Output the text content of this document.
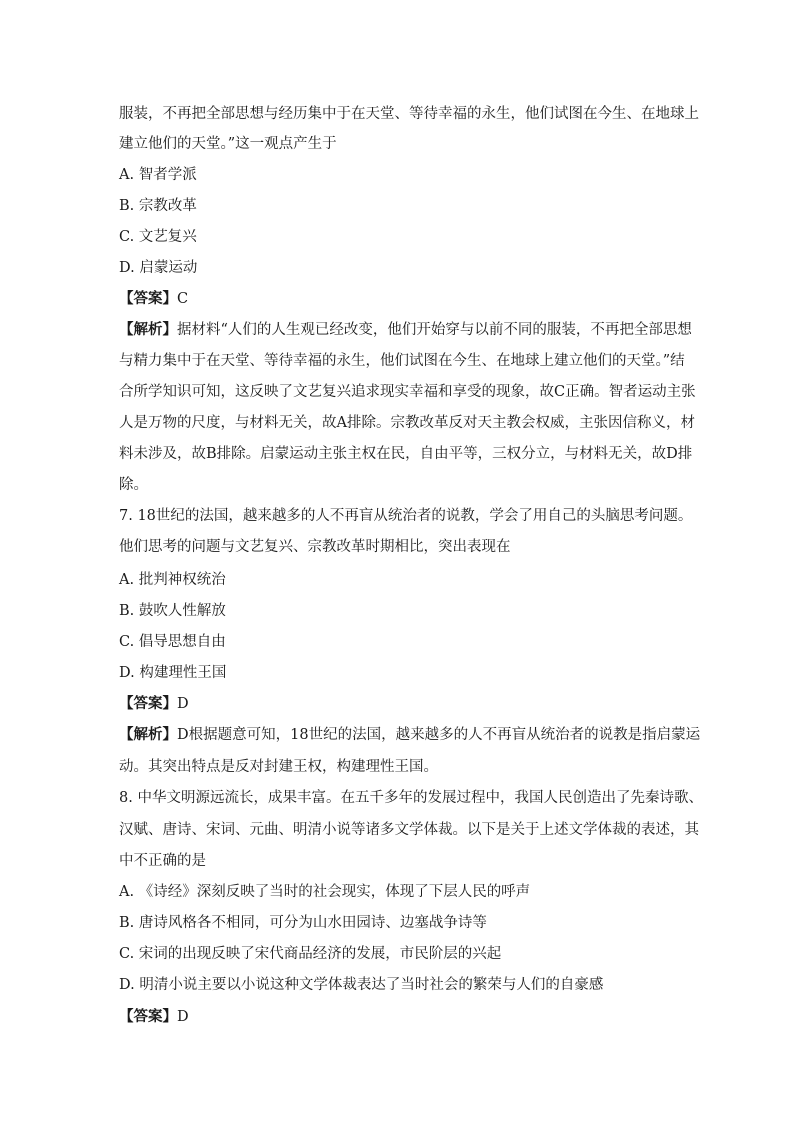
服装，不再把全部思想与经历集中于在天堂、等待幸福的永生，他们试图在今生、在地球上
建立他们的天堂。”这一观点产生于
A. 智者学派
B. 宗教改革
C. 文艺复兴
D. 启蒙运动
【答案】C
【解析】据材料“人们的人生观已经改变，他们开始穿与以前不同的服装，不再把全部思想
与精力集中于在天堂、等待幸福的永生，他们试图在今生、在地球上建立他们的天堂。”结
合所学知识可知，这反映了文艺复兴追求现实幸福和享受的现象，故C正确。智者运动主张
人是万物的尺度，与材料无关，故A排除。宗教改革反对天主教会权威，主张因信称义，材
料未涉及，故B排除。启蒙运动主张主权在民，自由平等，三权分立，与材料无关，故D排
除。
7. 18世纪的法国，越来越多的人不再盲从统治者的说教，学会了用自己的头脑思考问题。
他们思考的问题与文艺复兴、宗教改革时期相比，突出表现在
A. 批判神权统治
B. 鼓吹人性解放
C. 倡导思想自由
D. 构建理性王国
【答案】D
【解析】D根据题意可知，18世纪的法国，越来越多的人不再盲从统治者的说教是指启蒙运
动。其突出特点是反对封建王权，构建理性王国。
8. 中华文明源远流长，成果丰富。在五千多年的发展过程中，我国人民创造出了先秦诗歌、
汉赋、唐诗、宋词、元曲、明清小说等诸多文学体裁。以下是关于上述文学体裁的表述，其
中不正确的是
A. 《诗经》深刻反映了当时的社会现实，体现了下层人民的呼声
B. 唐诗风格各不相同，可分为山水田园诗、边塞战争诗等
C. 宋词的出现反映了宋代商品经济的发展，市民阶层的兴起
D. 明清小说主要以小说这种文学体裁表达了当时社会的繁荣与人们的自豪感
【答案】D
